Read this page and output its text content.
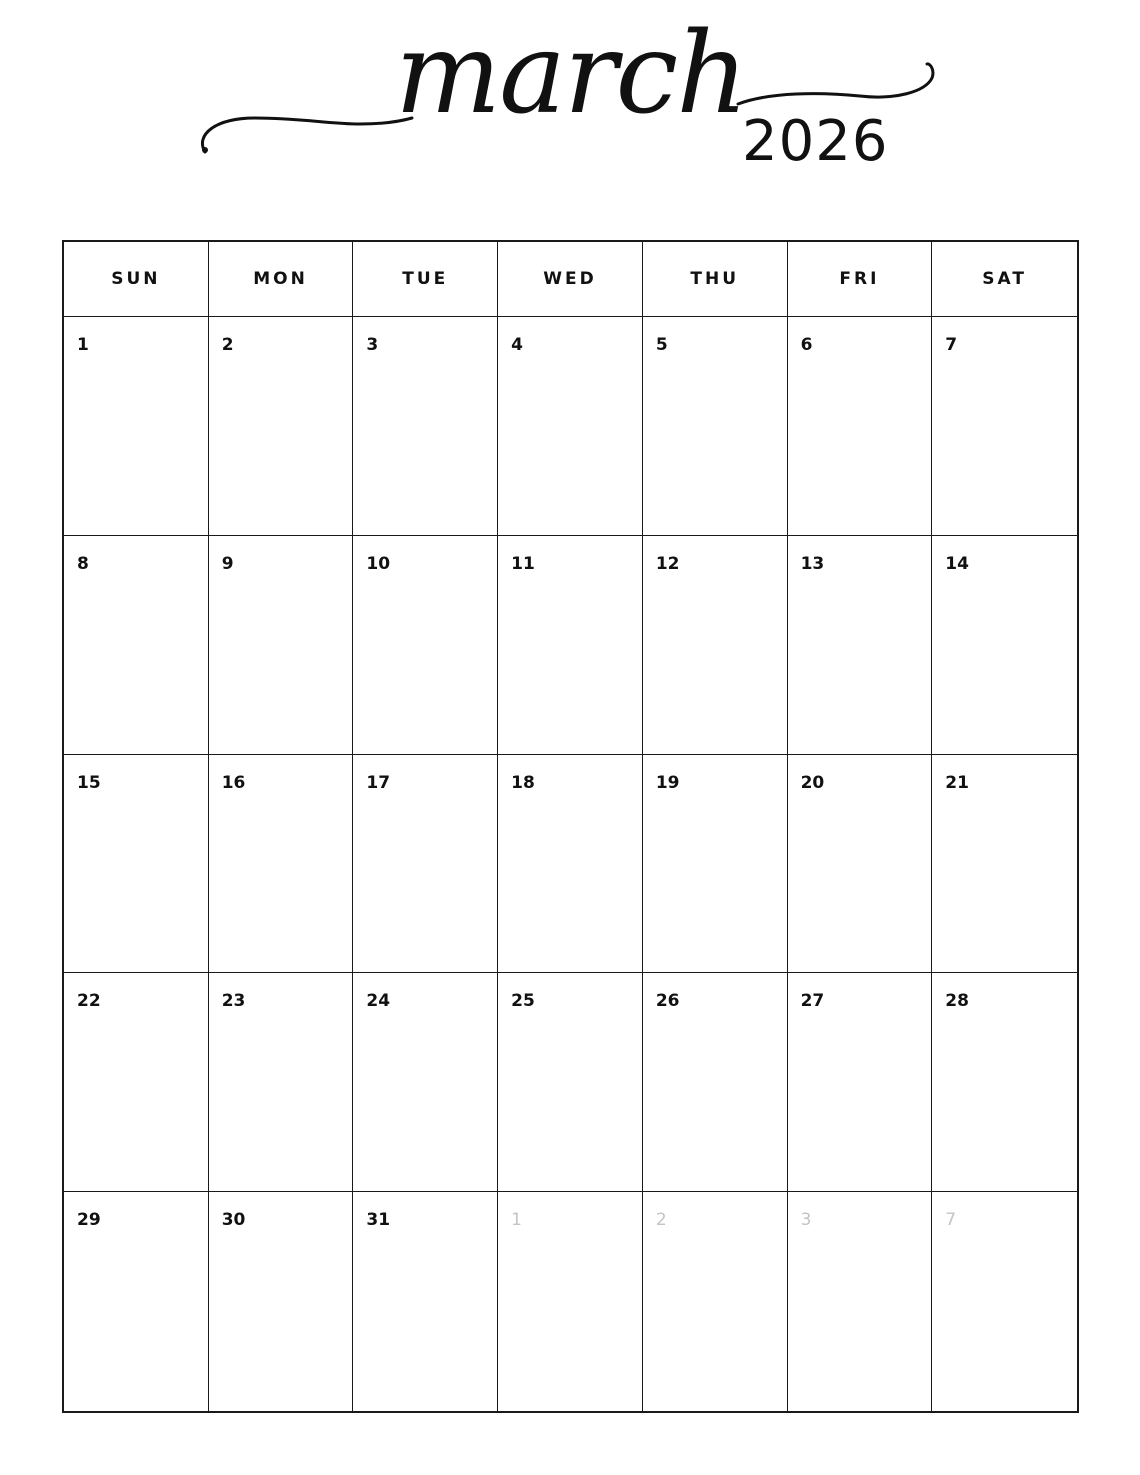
march
2026
SUN	MON	TUE	WED	THU	FRI	SAT
1	2	3	4	5	6	7
8	9	10	11	12	13	14
15	16	17	18	19	20	21
22	23	24	25	26	27	28
29	30	31	1	2	3	7
